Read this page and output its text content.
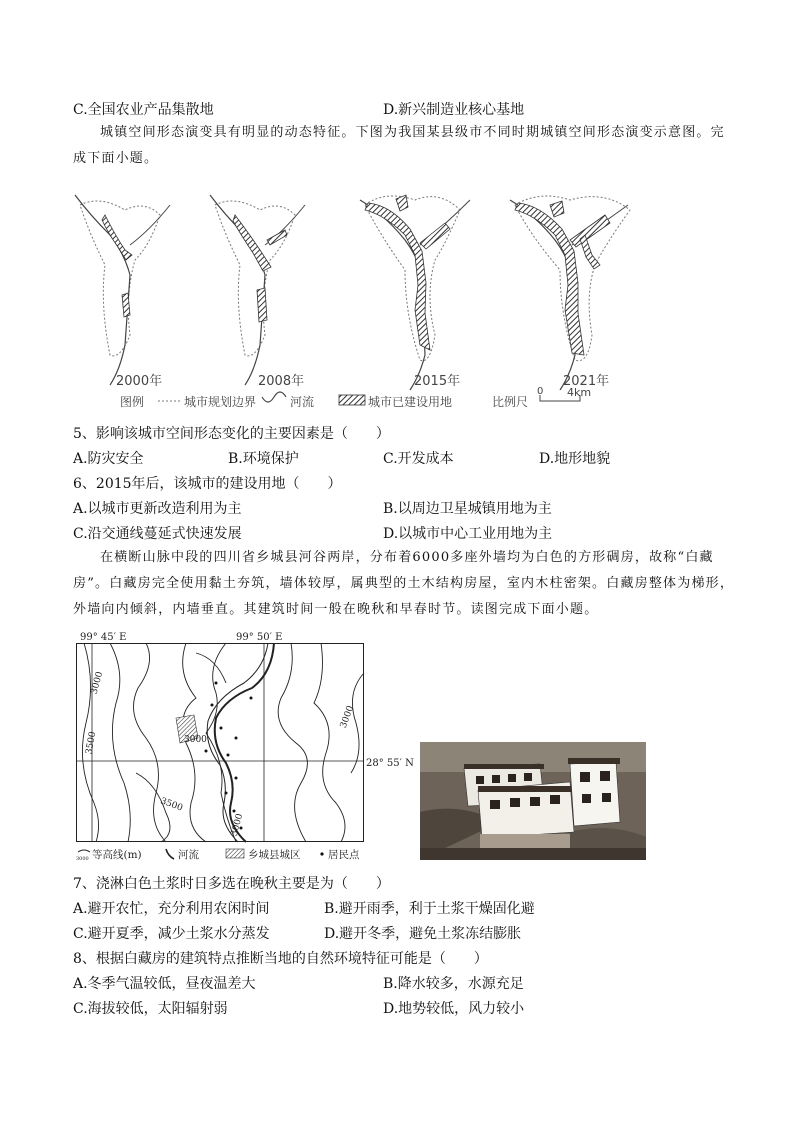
C.全国农业产品集散地	D.新兴制造业核心基地
城镇空间形态演变具有明显的动态特征。下图为我国某县级市不同时期城镇空间形态演变示意图。完
成下面小题。
2000年	2008年	2015年	2021年
图例	城市规划边界	河流	城市已建设用地	比例尺
0 4km
5、影响该城市空间形态变化的主要因素是（　　）
A.防灾安全	B.环境保护	C.开发成本	D.地形地貌
6、2015年后，该城市的建设用地（　　）
A.以城市更新改造利用为主	B.以周边卫星城镇用地为主
C.沿交通线蔓延式快速发展	D.以城市中心工业用地为主
在横断山脉中段的四川省乡城县河谷两岸，分布着6000多座外墙均为白色的方形碉房，故称“白藏
房”。白藏房完全使用黏土夯筑，墙体较厚，属典型的土木结构房屋，室内木柱密架。白藏房整体为梯形，
外墙向内倾斜，内墙垂直。其建筑时间一般在晚秋和早春时节。读图完成下面小题。
99° 45′ E	99° 50′ E
28° 55′ N
3000
3500	3000
3500
3000
3000
等高线(m)
3000	河流	乡城县城区	居民点
7、浇淋白色土浆时日多选在晚秋主要是为（　　）
A.避开农忙，充分利用农闲时间	B.避开雨季，利于土浆干燥固化避
C.避开夏季，减少土浆水分蒸发	D.避开冬季，避免土浆冻结膨胀
8、根据白藏房的建筑特点推断当地的自然环境特征可能是（　　）
A.冬季气温较低，昼夜温差大	B.降水较多，水源充足
C.海拔较低，太阳辐射弱	D.地势较低，风力较小
